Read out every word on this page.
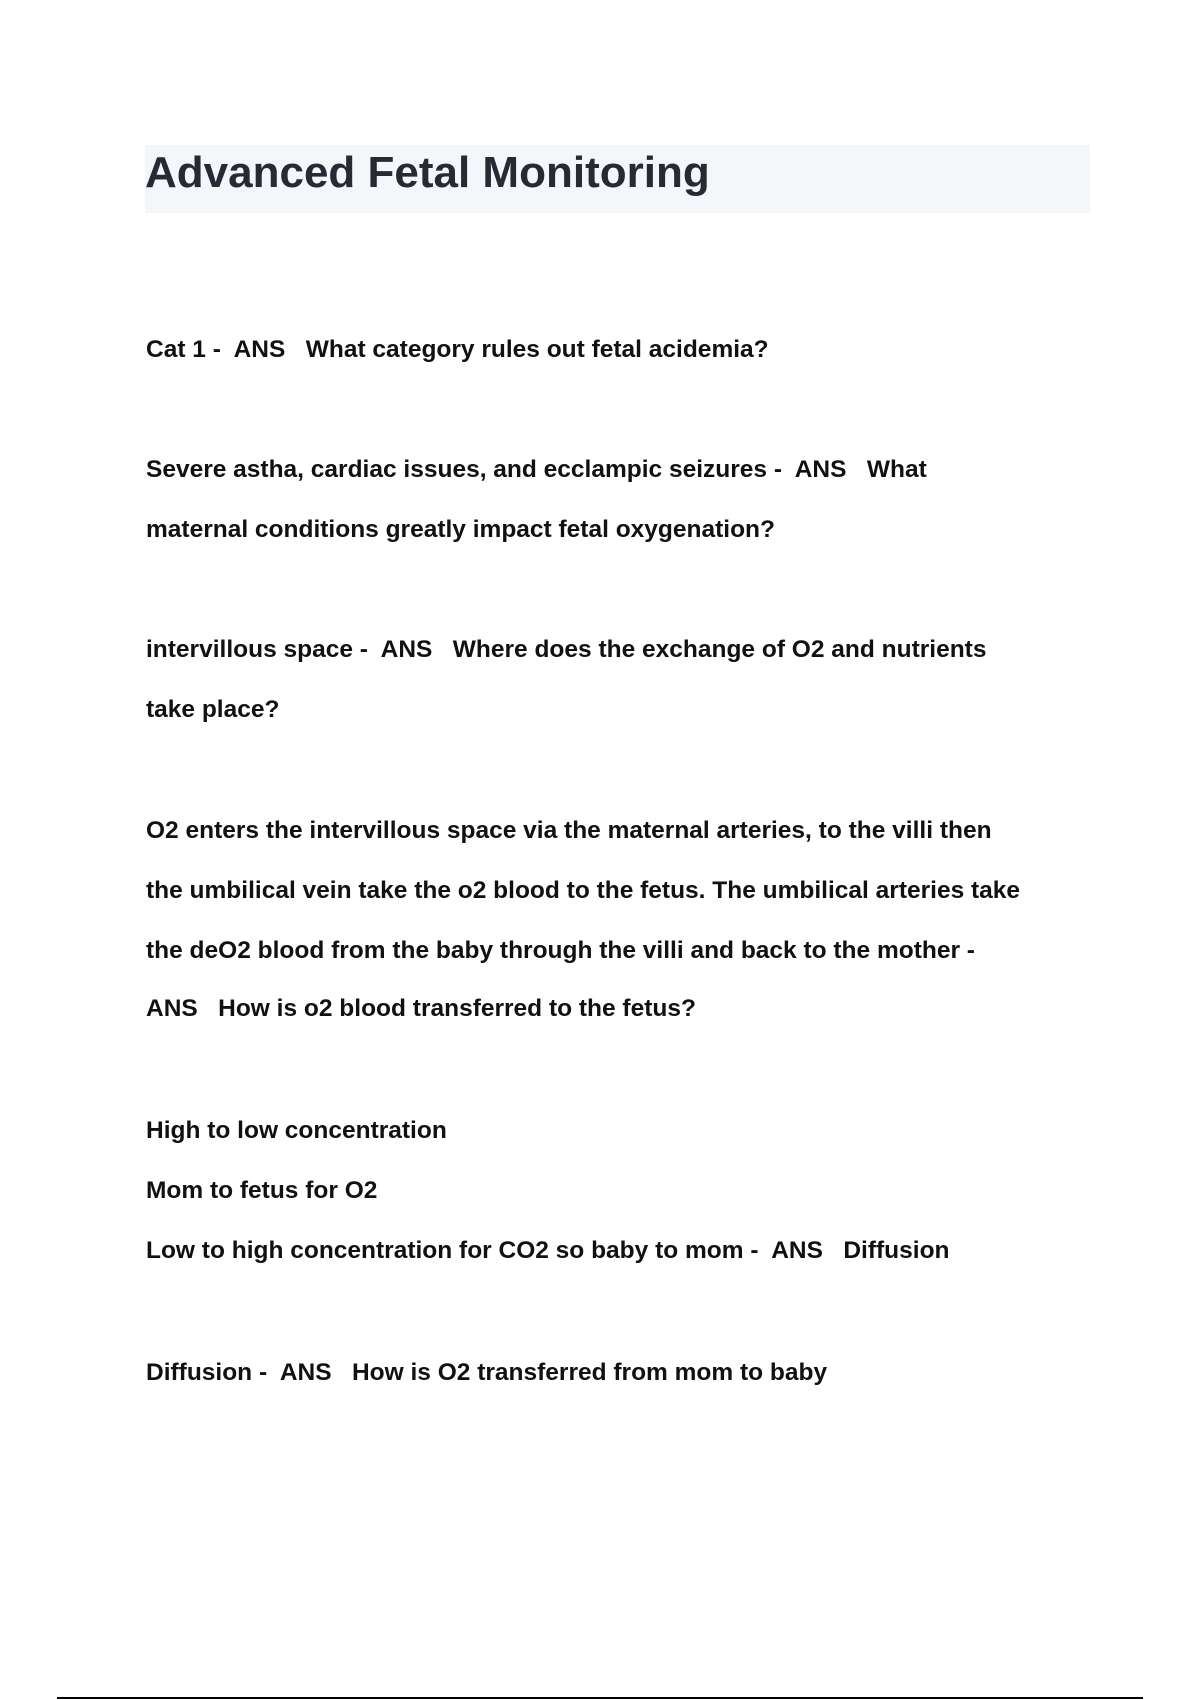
Advanced Fetal Monitoring
Cat 1 -  ANS   What category rules out fetal acidemia?
Severe astha, cardiac issues, and ecclampic seizures -  ANS   What
maternal conditions greatly impact fetal oxygenation?
intervillous space -  ANS   Where does the exchange of O2 and nutrients
take place?
O2 enters the intervillous space via the maternal arteries, to the villi then
the umbilical vein take the o2 blood to the fetus. The umbilical arteries take
the deO2 blood from the baby through the villi and back to the mother -
ANS   How is o2 blood transferred to the fetus?
High to low concentration
Mom to fetus for O2
Low to high concentration for CO2 so baby to mom -  ANS   Diffusion
Diffusion -  ANS   How is O2 transferred from mom to baby
